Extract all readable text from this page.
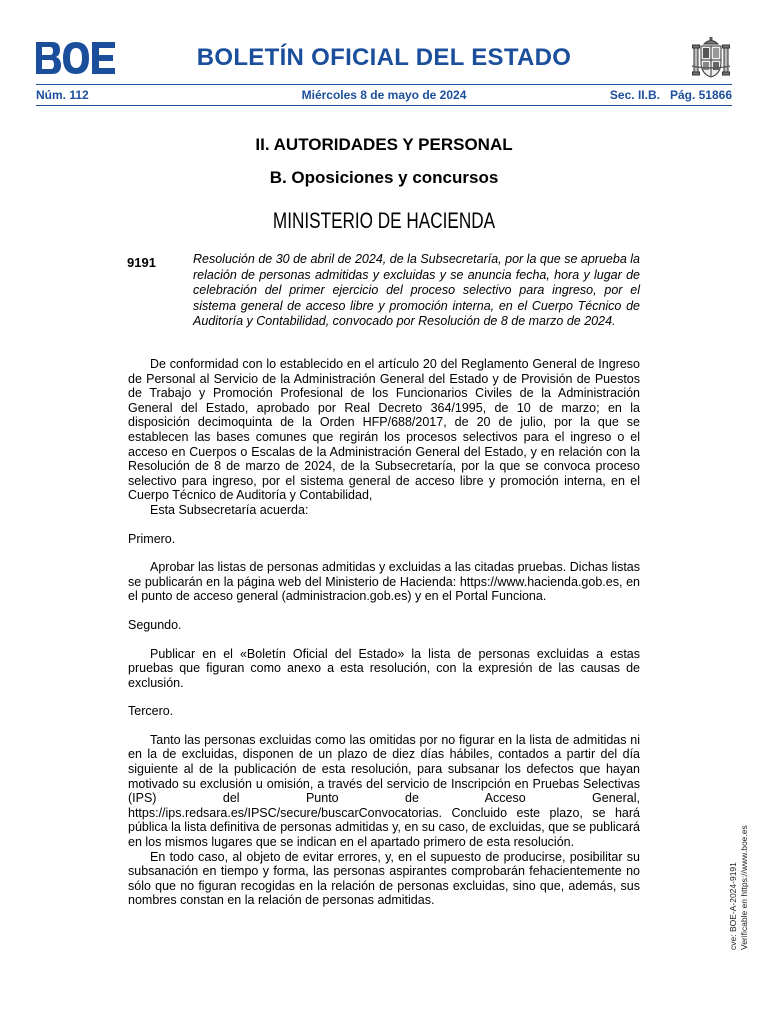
BOLETÍN OFICIAL DEL ESTADO
Núm. 112	Miércoles 8 de mayo de 2024	Sec. II.B.   Pág. 51866
II. AUTORIDADES Y PERSONAL
B. Oposiciones y concursos
MINISTERIO DE HACIENDA
9191	Resolución de 30 de abril de 2024, de la Subsecretaría, por la que se aprueba la relación de personas admitidas y excluidas y se anuncia fecha, hora y lugar de celebración del primer ejercicio del proceso selectivo para ingreso, por el sistema general de acceso libre y promoción interna, en el Cuerpo Técnico de Auditoría y Contabilidad, convocado por Resolución de 8 de marzo de 2024.

De conformidad con lo establecido en el artículo 20 del Reglamento General de Ingreso de Personal al Servicio de la Administración General del Estado y de Provisión de Puestos de Trabajo y Promoción Profesional de los Funcionarios Civiles de la Administración General del Estado, aprobado por Real Decreto 364/1995, de 10 de marzo; en la disposición decimoquinta de la Orden HFP/688/2017, de 20 de julio, por la que se establecen las bases comunes que regirán los procesos selectivos para el ingreso o el acceso en Cuerpos o Escalas de la Administración General del Estado, y en relación con la Resolución de 8 de marzo de 2024, de la Subsecretaría, por la que se convoca proceso selectivo para ingreso, por el sistema general de acceso libre y promoción interna, en el Cuerpo Técnico de Auditoría y Contabilidad,

Esta Subsecretaría acuerda:

Primero.

Aprobar las listas de personas admitidas y excluidas a las citadas pruebas. Dichas listas se publicarán en la página web del Ministerio de Hacienda: https://www.hacienda.gob.es, en el punto de acceso general (administracion.gob.es) y en el Portal Funciona.

Segundo.

Publicar en el «Boletín Oficial del Estado» la lista de personas excluidas a estas pruebas que figuran como anexo a esta resolución, con la expresión de las causas de exclusión.

Tercero.

Tanto las personas excluidas como las omitidas por no figurar en la lista de admitidas ni en la de excluidas, disponen de un plazo de diez días hábiles, contados a partir del día siguiente al de la publicación de esta resolución, para subsanar los defectos que hayan motivado su exclusión u omisión, a través del servicio de Inscripción en Pruebas Selectivas (IPS) del Punto de Acceso General, https://ips.redsara.es/IPSC/secure/buscarConvocatorias. Concluido este plazo, se hará pública la lista definitiva de personas admitidas y, en su caso, de excluidas, que se publicará en los mismos lugares que se indican en el apartado primero de esta resolución.

En todo caso, al objeto de evitar errores, y, en el supuesto de producirse, posibilitar su subsanación en tiempo y forma, las personas aspirantes comprobarán fehacientemente no sólo que no figuran recogidas en la relación de personas excluidas, sino que, además, sus nombres constan en la relación de personas admitidas.	cve: BOE-A-2024-9191 Verificable en https://www.boe.es
